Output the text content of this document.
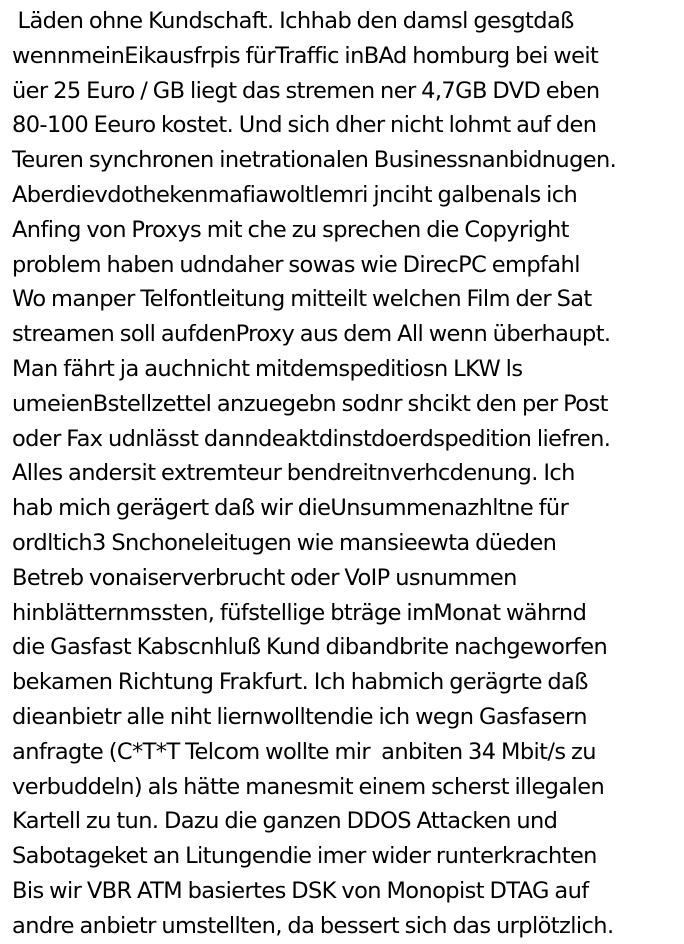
Läden ohne Kundschaft. Ichhab den damsl gesgtdaß
wennmeinEikausfrpis fürTraffic inBAd homburg bei weit
üer 25 Euro / GB liegt das stremen ner 4,7GB DVD eben
80-100 Eeuro kostet. Und sich dher nicht lohmt auf den
Teuren synchronen inetrationalen Businessnanbidnugen.
Aberdievdothekenmafiawoltlemri jnciht galbenals ich
Anfing von Proxys mit che zu sprechen die Copyright
problem haben udndaher sowas wie DirecPC empfahl
Wo manper Telfontleitung mitteilt welchen Film der Sat
streamen soll aufdenProxy aus dem All wenn überhaupt.
Man fährt ja auchnicht mitdemspeditiosn LKW ls
umeienBstellzettel anzuegebn sodnr shcikt den per Post
oder Fax udnlässt danndeaktdinstdoerdspedition liefren.
Alles andersit extremteur bendreitnverhcdenung. Ich
hab mich gerägert daß wir dieUnsummenazhltne für
ordltich3 Snchoneleitugen wie mansieewta düeden
Betreb vonaiserverbrucht oder VoIP usnummen
hinblätternmssten, füfstellige bträge imMonat währnd
die Gasfast Kabscnhluß Kund dibandbrite nachgeworfen
bekamen Richtung Frakfurt. Ich habmich gerägrte daß
dieanbietr alle niht liernwolltendie ich wegn Gasfasern
anfragte (C*T*T Telcom wollte mir  anbiten 34 Mbit/s zu
verbuddeln) als hätte manesmit einem scherst illegalen
Kartell zu tun. Dazu die ganzen DDOS Attacken und
Sabotageket an Litungendie imer wider runterkrachten
Bis wir VBR ATM basiertes DSK von Monopist DTAG auf
andre anbietr umstellten, da bessert sich das urplötzlich.
